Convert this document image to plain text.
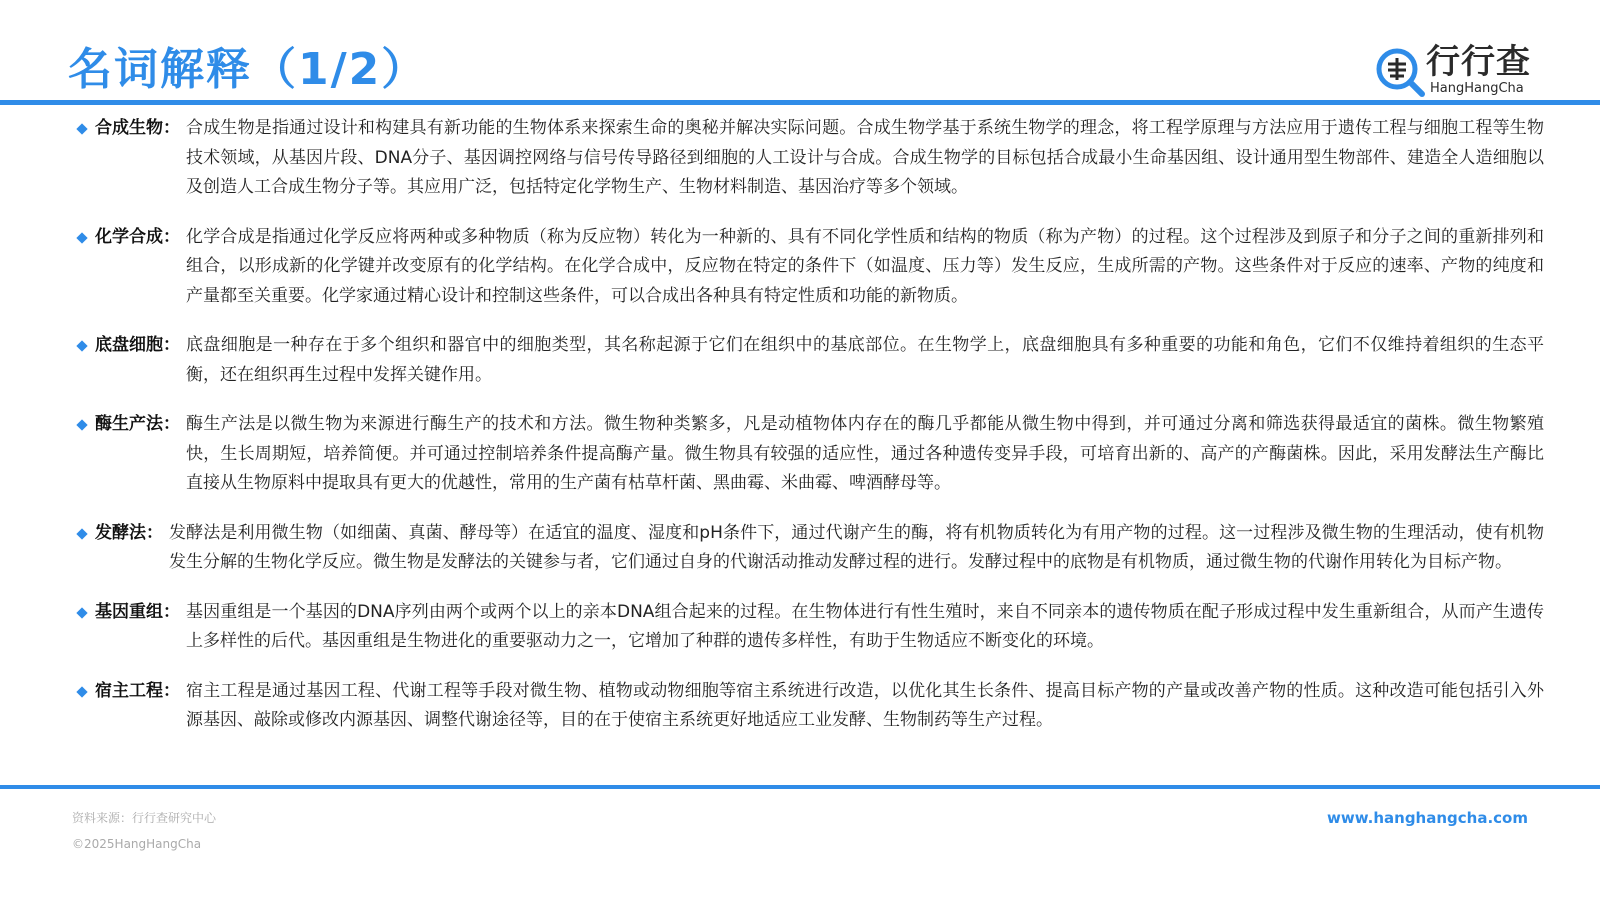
名词解释（1/2）	行行查
HangHangCha
合成生物 ： 合成生物是指通过设计和构建具有新功能的生物体系来探索生命的奥秘并解决实际问题。合成生物学基于系统生物学的理念，将工程学原理与方法应用于遗传工程与细胞工程等生物技术领域，从基因片段、DNA分子、基因调控网络与信号传导路径到细胞的人工设计与合成。合成生物学的目标包括合成最小生命基因组、设计通用型生物部件、建造全人造细胞以及创造人工合成生物分子等。其应用广泛，包括特定化学物生产、生物材料制造、基因治疗等多个领域。
化学合成 ： 化学合成是指通过化学反应将两种或多种物质（称为反应物）转化为一种新的、具有不同化学性质和结构的物质（称为产物）的过程。这个过程涉及到原子和分子之间的重新排列和组合，以形成新的化学键并改变原有的化学结构。在化学合成中，反应物在特定的条件下（如温度、压力等）发生反应，生成所需的产物。这些条件对于反应的速率、产物的纯度和产量都至关重要。化学家通过精心设计和控制这些条件，可以合成出各种具有特定性质和功能的新物质。
底盘细胞 ： 底盘细胞是一种存在于多个组织和器官中的细胞类型，其名称起源于它们在组织中的基底部位。在生物学上，底盘细胞具有多种重要的功能和角色，它们不仅维持着组织的生态平衡，还在组织再生过程中发挥关键作用。
酶生产法 ： 酶生产法是以微生物为来源进行酶生产的技术和方法。微生物种类繁多，凡是动植物体内存在的酶几乎都能从微生物中得到，并可通过分离和筛选获得最适宜的菌株。微生物繁殖快，生长周期短，培养简便。并可通过控制培养条件提高酶产量。微生物具有较强的适应性，通过各种遗传变异手段，可培育出新的、高产的产酶菌株。因此，采用发酵法生产酶比直接从生物原料中提取具有更大的优越性，常用的生产菌有枯草杆菌、黑曲霉、米曲霉、啤酒酵母等。
发酵法 ： 发酵法是利用微生物（如细菌、真菌、酵母等）在适宜的温度、湿度和pH条件下，通过代谢产生的酶，将有机物质转化为有用产物的过程。这一过程涉及微生物的生理活动，使有机物发生分解的生物化学反应。微生物是发酵法的关键参与者，它们通过自身的代谢活动推动发酵过程的进行。发酵过程中的底物是有机物质，通过微生物的代谢作用转化为目标产物。
基因重组 ： 基因重组是一个基因的DNA序列由两个或两个以上的亲本DNA组合起来的过程。在生物体进行有性生殖时，来自不同亲本的遗传物质在配子形成过程中发生重新组合，从而产生遗传上多样性的后代。基因重组是生物进化的重要驱动力之一，它增加了种群的遗传多样性，有助于生物适应不断变化的环境。
宿主工程 ： 宿主工程是通过基因工程、代谢工程等手段对微生物、植物或动物细胞等宿主系统进行改造，以优化其生长条件、提高目标产物的产量或改善产物的性质。这种改造可能包括引入外源基因、敲除或修改内源基因、调整代谢途径等，目的在于使宿主系统更好地适应工业发酵、生物制药等生产过程。
资料来源：行行查研究中心
©2025HangHangCha
www.hanghangcha.com
